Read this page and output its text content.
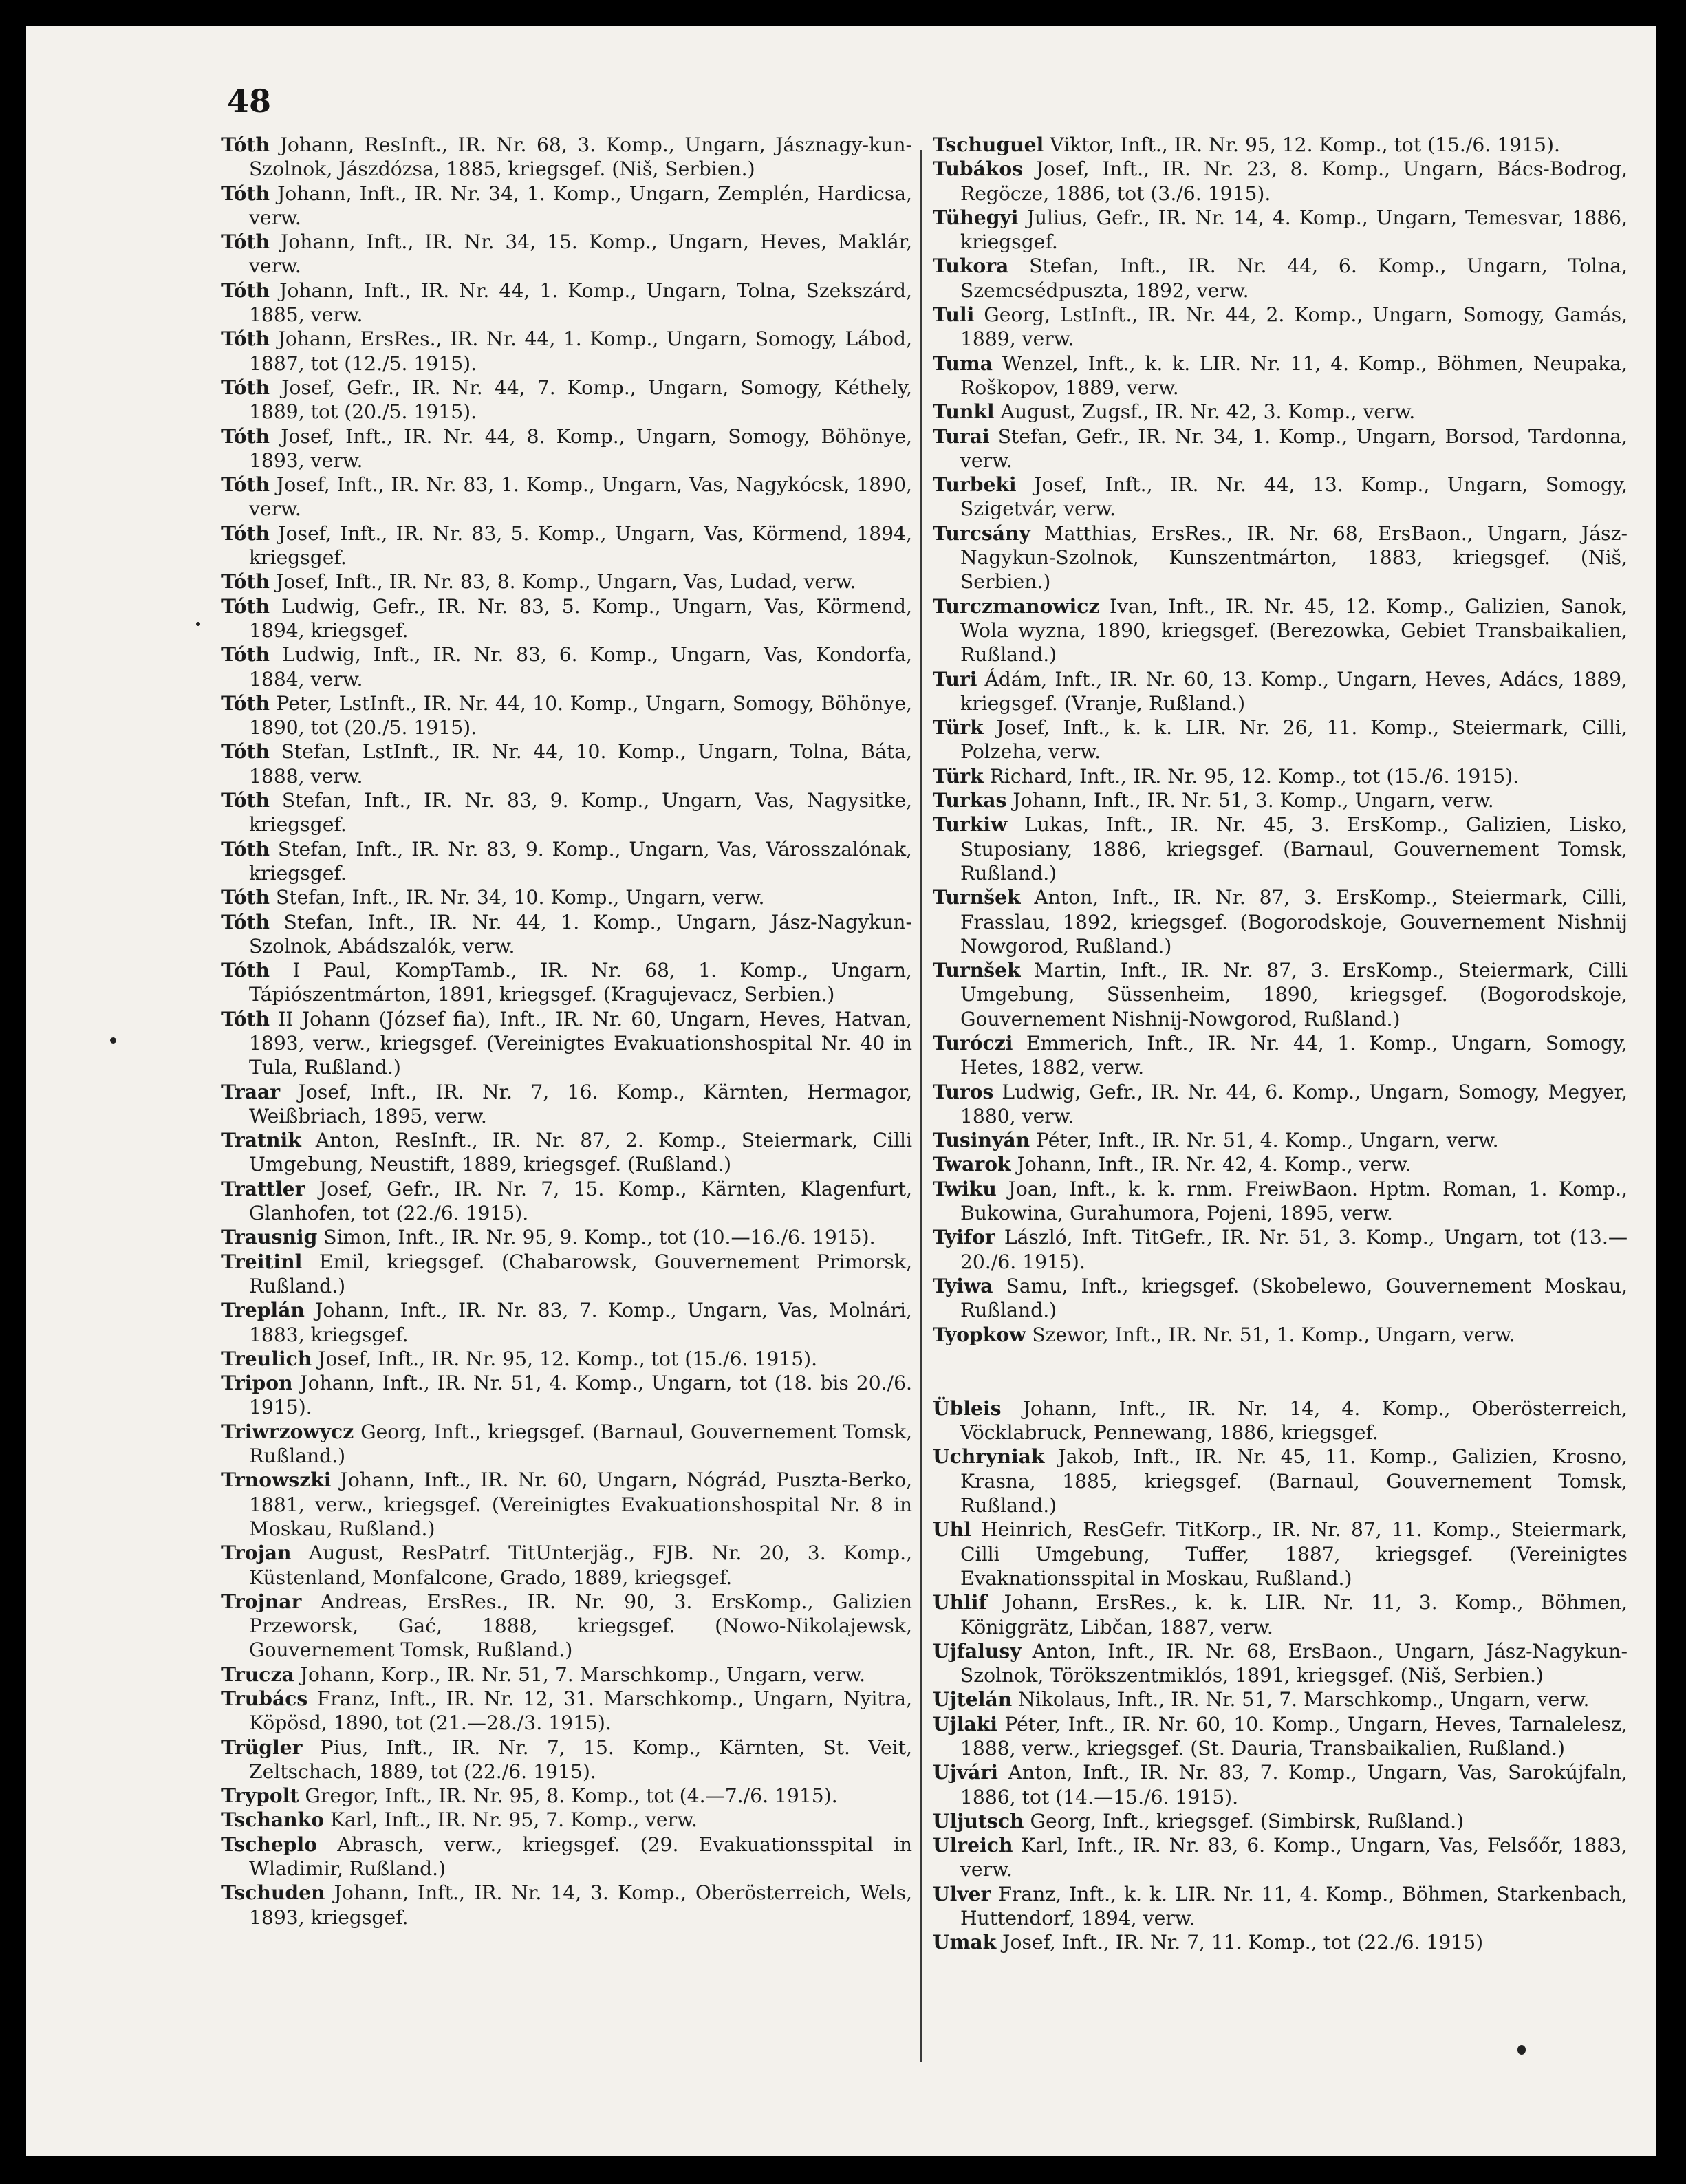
48

Tóth Johann, ResInft., IR. Nr. 68, 3. Komp., Ungarn, Jásznagy-kun-Szolnok, Jászdózsa, 1885, kriegsgef. (Niš, Serbien.)

Tóth Johann, Inft., IR. Nr. 34, 1. Komp., Ungarn, Zemplén, Hardicsa, verw.

Tóth Johann, Inft., IR. Nr. 34, 15. Komp., Ungarn, Heves, Maklár, verw.

Tóth Johann, Inft., IR. Nr. 44, 1. Komp., Ungarn, Tolna, Szekszárd, 1885, verw.

Tóth Johann, ErsRes., IR. Nr. 44, 1. Komp., Ungarn, Somogy, Lábod, 1887, tot (12./5. 1915).

Tóth Josef, Gefr., IR. Nr. 44, 7. Komp., Ungarn, Somogy, Kéthely, 1889, tot (20./5. 1915).

Tóth Josef, Inft., IR. Nr. 44, 8. Komp., Ungarn, Somogy, Böhönye, 1893, verw.

Tóth Josef, Inft., IR. Nr. 83, 1. Komp., Ungarn, Vas, Nagykócsk, 1890, verw.

Tóth Josef, Inft., IR. Nr. 83, 5. Komp., Ungarn, Vas, Körmend, 1894, kriegsgef.

Tóth Josef, Inft., IR. Nr. 83, 8. Komp., Ungarn, Vas, Ludad, verw.

Tóth Ludwig, Gefr., IR. Nr. 83, 5. Komp., Ungarn, Vas, Körmend, 1894, kriegsgef.

Tóth Ludwig, Inft., IR. Nr. 83, 6. Komp., Ungarn, Vas, Kondorfa, 1884, verw.

Tóth Peter, LstInft., IR. Nr. 44, 10. Komp., Ungarn, Somogy, Böhönye, 1890, tot (20./5. 1915).

Tóth Stefan, LstInft., IR. Nr. 44, 10. Komp., Ungarn, Tolna, Báta, 1888, verw.

Tóth Stefan, Inft., IR. Nr. 83, 9. Komp., Ungarn, Vas, Nagysitke, kriegsgef.

Tóth Stefan, Inft., IR. Nr. 83, 9. Komp., Ungarn, Vas, Városszalónak, kriegsgef.

Tóth Stefan, Inft., IR. Nr. 34, 10. Komp., Ungarn, verw.

Tóth Stefan, Inft., IR. Nr. 44, 1. Komp., Ungarn, Jász-Nagykun-Szolnok, Abádszalók, verw.

Tóth I Paul, KompTamb., IR. Nr. 68, 1. Komp., Ungarn, Tápiószentmárton, 1891, kriegsgef. (Kragujevacz, Serbien.)

Tóth II Johann (József fia), Inft., IR. Nr. 60, Ungarn, Heves, Hatvan, 1893, verw., kriegsgef. (Vereinigtes Evakuationshospital Nr. 40 in Tula, Rußland.)

Traar Josef, Inft., IR. Nr. 7, 16. Komp., Kärnten, Hermagor, Weißbriach, 1895, verw.

Tratnik Anton, ResInft., IR. Nr. 87, 2. Komp., Steiermark, Cilli Umgebung, Neustift, 1889, kriegsgef. (Rußland.)

Trattler Josef, Gefr., IR. Nr. 7, 15. Komp., Kärnten, Klagenfurt, Glanhofen, tot (22./6. 1915).

Trausnig Simon, Inft., IR. Nr. 95, 9. Komp., tot (10.—16./6. 1915).

Treitinl Emil, kriegsgef. (Chabarowsk, Gouvernement Primorsk, Rußland.)

Treplán Johann, Inft., IR. Nr. 83, 7. Komp., Ungarn, Vas, Molnári, 1883, kriegsgef.

Treulich Josef, Inft., IR. Nr. 95, 12. Komp., tot (15./6. 1915).

Tripon Johann, Inft., IR. Nr. 51, 4. Komp., Ungarn, tot (18. bis 20./6. 1915).

Triwrzowycz Georg, Inft., kriegsgef. (Barnaul, Gouvernement Tomsk, Rußland.)

Trnowszki Johann, Inft., IR. Nr. 60, Ungarn, Nógrád, Puszta-Berko, 1881, verw., kriegsgef. (Vereinigtes Evakuationshospital Nr. 8 in Moskau, Rußland.)

Trojan August, ResPatrf. TitUnterjäg., FJB. Nr. 20, 3. Komp., Küstenland, Monfalcone, Grado, 1889, kriegsgef.

Trojnar Andreas, ErsRes., IR. Nr. 90, 3. ErsKomp., Galizien Przeworsk, Gać, 1888, kriegsgef. (Nowo-Nikolajewsk, Gouvernement Tomsk, Rußland.)

Trucza Johann, Korp., IR. Nr. 51, 7. Marschkomp., Ungarn, verw.

Trubács Franz, Inft., IR. Nr. 12, 31. Marschkomp., Ungarn, Nyitra, Köpösd, 1890, tot (21.—28./3. 1915).

Trügler Pius, Inft., IR. Nr. 7, 15. Komp., Kärnten, St. Veit, Zeltschach, 1889, tot (22./6. 1915).

Trypolt Gregor, Inft., IR. Nr. 95, 8. Komp., tot (4.—7./6. 1915).

Tschanko Karl, Inft., IR. Nr. 95, 7. Komp., verw.

Tscheplo Abrasch, verw., kriegsgef. (29. Evakuationsspital in Wladimir, Rußland.)

Tschuden Johann, Inft., IR. Nr. 14, 3. Komp., Oberösterreich, Wels, 1893, kriegsgef.

Tschuguel Viktor, Inft., IR. Nr. 95, 12. Komp., tot (15./6. 1915).

Tubákos Josef, Inft., IR. Nr. 23, 8. Komp., Ungarn, Bács-Bodrog, Regöcze, 1886, tot (3./6. 1915).

Tühegyi Julius, Gefr., IR. Nr. 14, 4. Komp., Ungarn, Temesvar, 1886, kriegsgef.

Tukora Stefan, Inft., IR. Nr. 44, 6. Komp., Ungarn, Tolna, Szemcsédpuszta, 1892, verw.

Tuli Georg, LstInft., IR. Nr. 44, 2. Komp., Ungarn, Somogy, Gamás, 1889, verw.

Tuma Wenzel, Inft., k. k. LIR. Nr. 11, 4. Komp., Böhmen, Neupaka, Roškopov, 1889, verw.

Tunkl August, Zugsf., IR. Nr. 42, 3. Komp., verw.

Turai Stefan, Gefr., IR. Nr. 34, 1. Komp., Ungarn, Borsod, Tardonna, verw.

Turbeki Josef, Inft., IR. Nr. 44, 13. Komp., Ungarn, Somogy, Szigetvár, verw.

Turcsány Matthias, ErsRes., IR. Nr. 68, ErsBaon., Ungarn, Jász-Nagykun-Szolnok, Kunszentmárton, 1883, kriegsgef. (Niš, Serbien.)

Turczmanowicz Ivan, Inft., IR. Nr. 45, 12. Komp., Galizien, Sanok, Wola wyzna, 1890, kriegsgef. (Berezowka, Gebiet Transbaikalien, Rußland.)

Turi Ádám, Inft., IR. Nr. 60, 13. Komp., Ungarn, Heves, Adács, 1889, kriegsgef. (Vranje, Rußland.)

Türk Josef, Inft., k. k. LIR. Nr. 26, 11. Komp., Steiermark, Cilli, Polzeha, verw.

Türk Richard, Inft., IR. Nr. 95, 12. Komp., tot (15./6. 1915).

Turkas Johann, Inft., IR. Nr. 51, 3. Komp., Ungarn, verw.

Turkiw Lukas, Inft., IR. Nr. 45, 3. ErsKomp., Galizien, Lisko, Stuposiany, 1886, kriegsgef. (Barnaul, Gouvernement Tomsk, Rußland.)

Turnšek Anton, Inft., IR. Nr. 87, 3. ErsKomp., Steiermark, Cilli, Frasslau, 1892, kriegsgef. (Bogorodskoje, Gouvernement Nishnij Nowgorod, Rußland.)

Turnšek Martin, Inft., IR. Nr. 87, 3. ErsKomp., Steiermark, Cilli Umgebung, Süssenheim, 1890, kriegsgef. (Bogorodskoje, Gouvernement Nishnij-Nowgorod, Rußland.)

Turóczi Emmerich, Inft., IR. Nr. 44, 1. Komp., Ungarn, Somogy, Hetes, 1882, verw.

Turos Ludwig, Gefr., IR. Nr. 44, 6. Komp., Ungarn, Somogy, Megyer, 1880, verw.

Tusinyán Péter, Inft., IR. Nr. 51, 4. Komp., Ungarn, verw.

Twarok Johann, Inft., IR. Nr. 42, 4. Komp., verw.

Twiku Joan, Inft., k. k. rnm. FreiwBaon. Hptm. Roman, 1. Komp., Bukowina, Gurahumora, Pojeni, 1895, verw.

Tyifor László, Inft. TitGefr., IR. Nr. 51, 3. Komp., Ungarn, tot (13.—20./6. 1915).

Tyiwa Samu, Inft., kriegsgef. (Skobelewo, Gouvernement Moskau, Rußland.)

Tyopkow Szewor, Inft., IR. Nr. 51, 1. Komp., Ungarn, verw.

Übleis Johann, Inft., IR. Nr. 14, 4. Komp., Oberösterreich, Vöcklabruck, Pennewang, 1886, kriegsgef.

Uchryniak Jakob, Inft., IR. Nr. 45, 11. Komp., Galizien, Krosno, Krasna, 1885, kriegsgef. (Barnaul, Gouvernement Tomsk, Rußland.)

Uhl Heinrich, ResGefr. TitKorp., IR. Nr. 87, 11. Komp., Steiermark, Cilli Umgebung, Tuffer, 1887, kriegsgef. (Vereinigtes Evaknationsspital in Moskau, Rußland.)

Uhlif Johann, ErsRes., k. k. LIR. Nr. 11, 3. Komp., Böhmen, Königgrätz, Libčan, 1887, verw.

Ujfalusy Anton, Inft., IR. Nr. 68, ErsBaon., Ungarn, Jász-Nagykun-Szolnok, Törökszentmiklós, 1891, kriegsgef. (Niš, Serbien.)

Ujtelán Nikolaus, Inft., IR. Nr. 51, 7. Marschkomp., Ungarn, verw.

Ujlaki Péter, Inft., IR. Nr. 60, 10. Komp., Ungarn, Heves, Tarnalelesz, 1888, verw., kriegsgef. (St. Dauria, Transbaikalien, Rußland.)

Ujvári Anton, Inft., IR. Nr. 83, 7. Komp., Ungarn, Vas, Sarokújfaln, 1886, tot (14.—15./6. 1915).

Uljutsch Georg, Inft., kriegsgef. (Simbirsk, Rußland.)

Ulreich Karl, Inft., IR. Nr. 83, 6. Komp., Ungarn, Vas, Felsőőr, 1883, verw.

Ulver Franz, Inft., k. k. LIR. Nr. 11, 4. Komp., Böhmen, Starkenbach, Huttendorf, 1894, verw.

Umak Josef, Inft., IR. Nr. 7, 11. Komp., tot (22./6. 1915)
